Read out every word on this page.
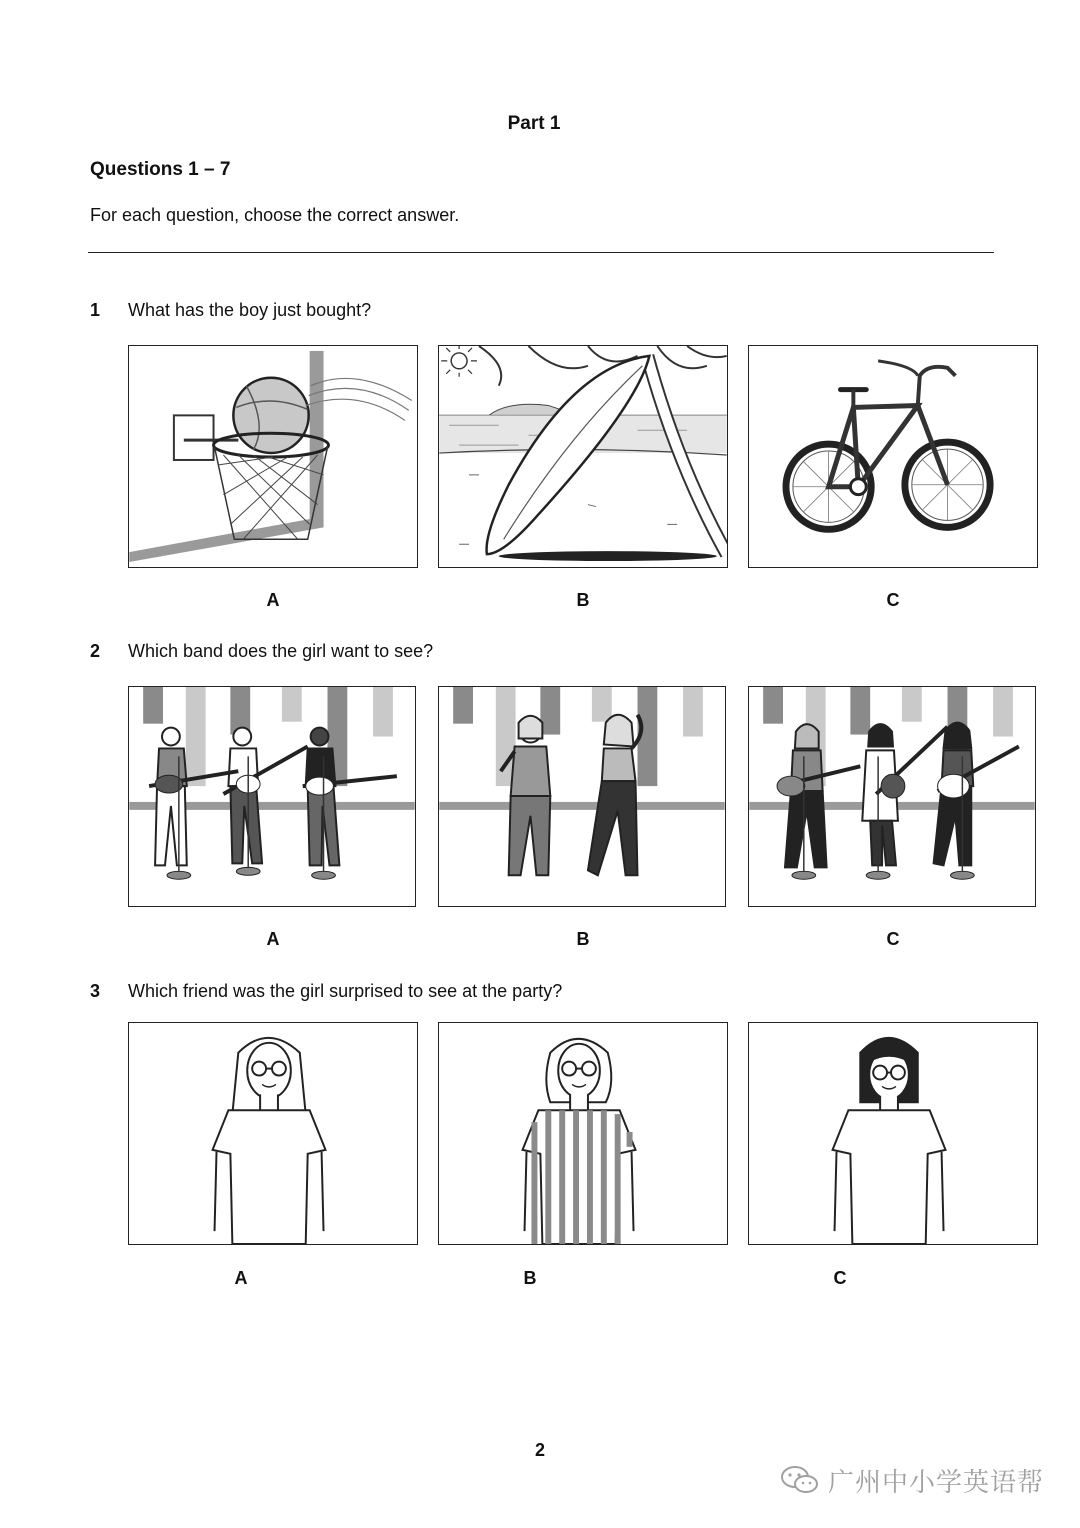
Part 1
Questions 1 – 7
For each question, choose the correct answer.
1 What has the boy just bought?
A	B	C
2 Which band does the girl want to see?
A	B	C
3 Which friend was the girl surprised to see at the party?
A	B	C
2
广州中小学英语帮
